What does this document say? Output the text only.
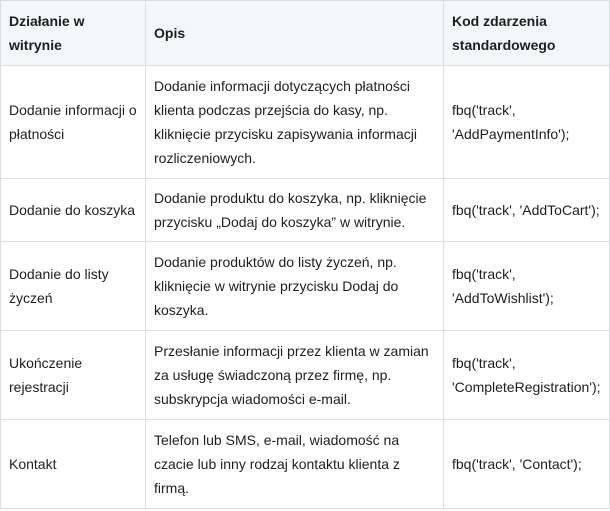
Działanie w witrynie	Opis	Kod zdarzenia standardowego
Dodanie informacji o płatności	Dodanie informacji dotyczących płatności klienta podczas przejścia do kasy, np. kliknięcie przycisku zapisywania informacji rozliczeniowych.	fbq('track', 'AddPaymentInfo');
Dodanie do koszyka	Dodanie produktu do koszyka, np. kliknięcie przycisku „Dodaj do koszyka” w witrynie.	fbq('track', 'AddToCart');
Dodanie do listy życzeń	Dodanie produktów do listy życzeń, np. kliknięcie w witrynie przycisku Dodaj do koszyka.	fbq('track', 'AddToWishlist');
Ukończenie rejestracji	Przesłanie informacji przez klienta w zamian za usługę świadczoną przez firmę, np. subskrypcja wiadomości e-mail.	fbq('track', 'CompleteRegistration');
Kontakt	Telefon lub SMS, e-mail, wiadomość na czacie lub inny rodzaj kontaktu klienta z firmą.	fbq('track', 'Contact');
